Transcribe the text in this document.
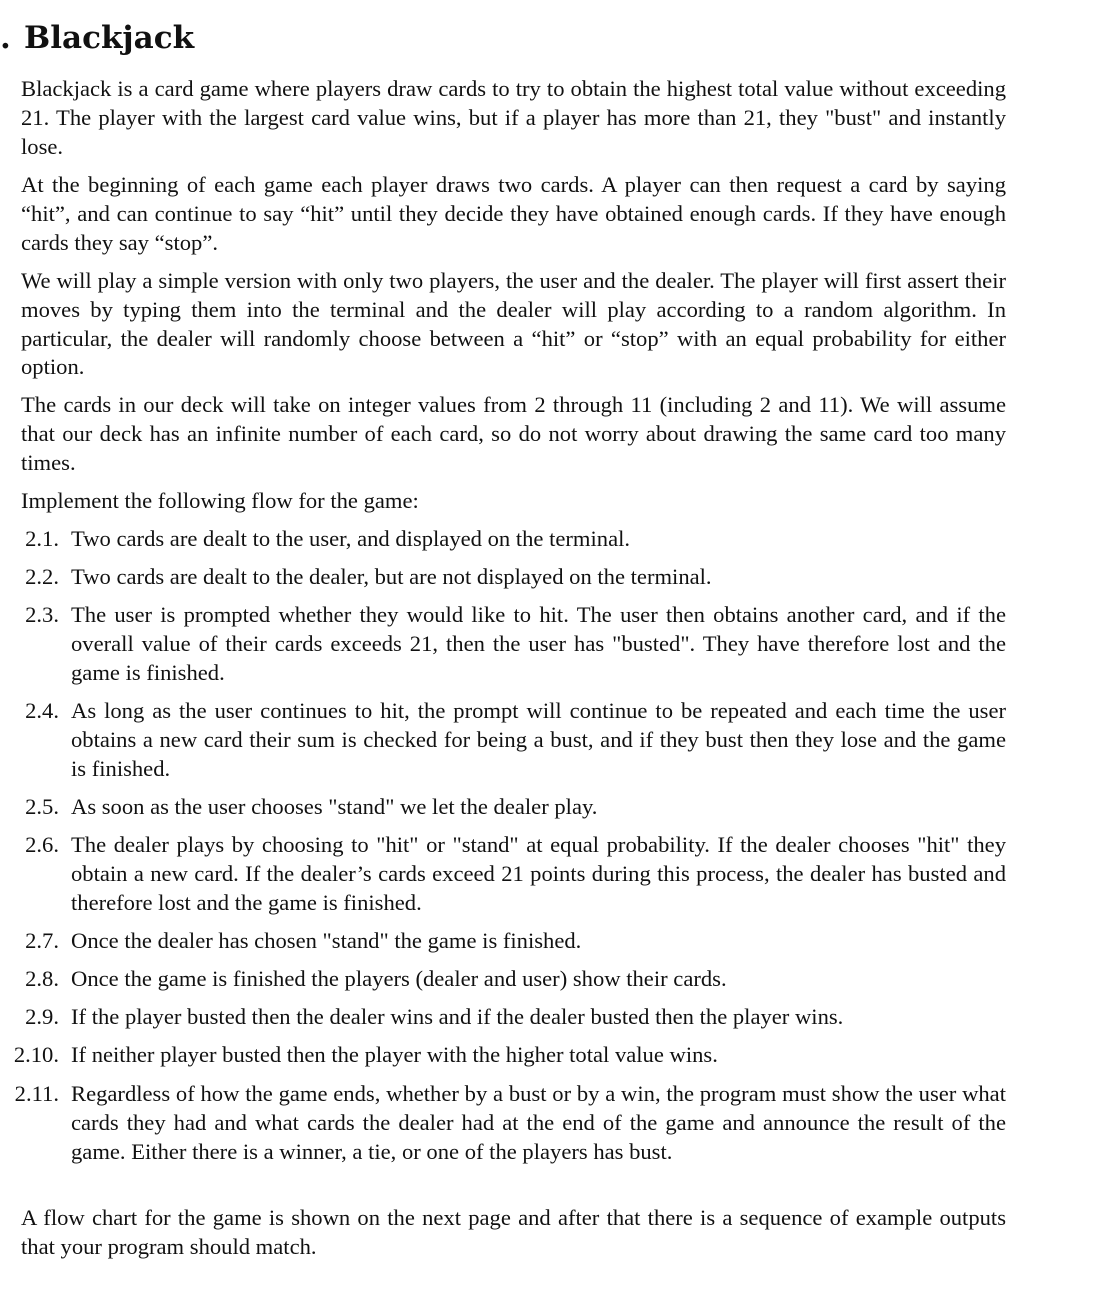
. Blackjack

Blackjack is a card game where players draw cards to try to obtain the highest total value without exceeding 21. The player with the largest card value wins, but if a player has more than 21, they "bust" and instantly lose.

At the beginning of each game each player draws two cards. A player can then request a card by saying “hit”, and can continue to say “hit” until they decide they have obtained enough cards. If they have enough cards they say “stop”.

We will play a simple version with only two players, the user and the dealer. The player will first assert their moves by typing them into the terminal and the dealer will play according to a random algorithm. In particular, the dealer will randomly choose between a “hit” or “stop” with an equal probability for either option.

The cards in our deck will take on integer values from 2 through 11 (including 2 and 11). We will assume that our deck has an infinite number of each card, so do not worry about drawing the same card too many times.

Implement the following flow for the game:

2.1. Two cards are dealt to the user, and displayed on the terminal.
2.2. Two cards are dealt to the dealer, but are not displayed on the terminal.
2.3. The user is prompted whether they would like to hit. The user then obtains another card, and if the overall value of their cards exceeds 21, then the user has "busted". They have therefore lost and the game is finished.
2.4. As long as the user continues to hit, the prompt will continue to be repeated and each time the user obtains a new card their sum is checked for being a bust, and if they bust then they lose and the game is finished.
2.5. As soon as the user chooses "stand" we let the dealer play.
2.6. The dealer plays by choosing to "hit" or "stand" at equal probability. If the dealer chooses "hit" they obtain a new card. If the dealer’s cards exceed 21 points during this process, the dealer has busted and therefore lost and the game is finished.
2.7. Once the dealer has chosen "stand" the game is finished.
2.8. Once the game is finished the players (dealer and user) show their cards.
2.9. If the player busted then the dealer wins and if the dealer busted then the player wins.
2.10. If neither player busted then the player with the higher total value wins.
2.11. Regardless of how the game ends, whether by a bust or by a win, the program must show the user what cards they had and what cards the dealer had at the end of the game and announce the result of the game. Either there is a winner, a tie, or one of the players has bust.

A flow chart for the game is shown on the next page and after that there is a sequence of example outputs that your program should match.
